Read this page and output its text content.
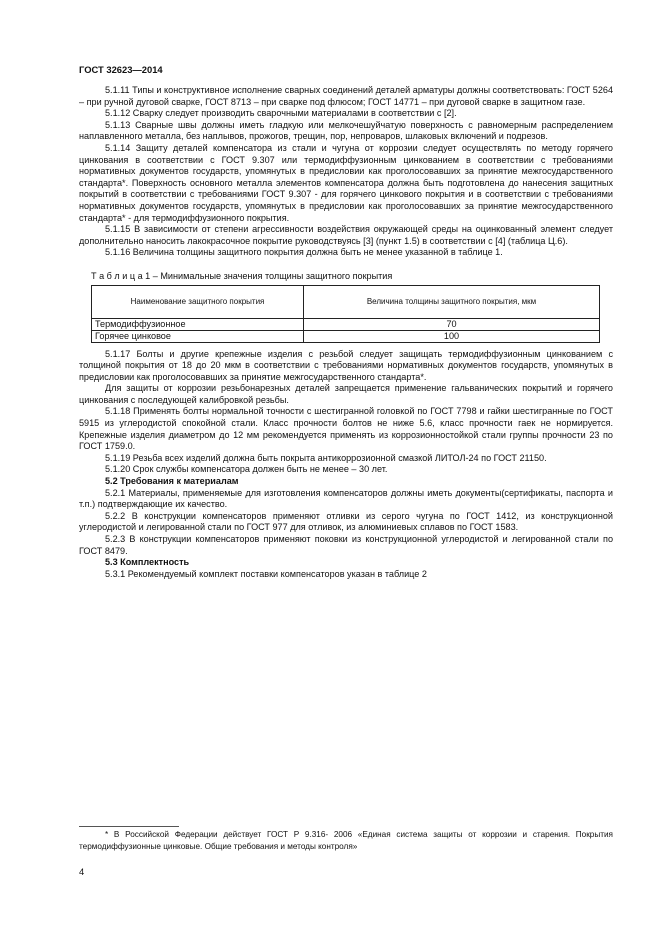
ГОСТ 32623—2014

5.1.11 Типы и конструктивное исполнение сварных соединений деталей арматуры должны соответствовать: ГОСТ 5264 – при ручной дуговой сварке, ГОСТ 8713 – при сварке под флюсом; ГОСТ 14771 – при дуговой сварке в защитном газе.

5.1.12 Сварку следует производить сварочными материалами в соответствии с [2].

5.1.13 Сварные швы должны иметь гладкую или мелкочешуйчатую поверхность с равномерным распределением наплавленного металла, без наплывов, прожогов, трещин, пор, непроваров, шлаковых включений и подрезов.

5.1.14 Защиту деталей компенсатора из стали и чугуна от коррозии следует осуществлять по методу горячего цинкования в соответствии с ГОСТ 9.307 или термодиффузионным цинкованием в соответствии с требованиями нормативных документов государств, упомянутых в предисловии как проголосовавших за принятие межгосударственного стандарта*. Поверхность основного металла элементов компенсатора должна быть подготовлена до нанесения защитных покрытий в соответствии с требованиями ГОСТ 9.307 - для горячего цинкового покрытия и в соответствии с требованиями нормативных документов государств, упомянутых в предисловии как проголосовавших за принятие межгосударственного стандарта* - для термодиффузионного покрытия.

5.1.15 В зависимости от степени агрессивности воздействия окружающей среды на оцинкованный элемент следует дополнительно наносить лакокрасочное покрытие руководствуясь [3] (пункт 1.5) в соответствии с [4] (таблица Ц.6).

5.1.16 Величина толщины защитного покрытия должна быть не менее указанной в таблице 1.

Т а б л и ц а 1 – Минимальные значения толщины защитного покрытия
Наименование защитного покрытия	Величина толщины защитного покрытия, мкм
Термодиффузионное	70
Горячее цинковое	100

5.1.17 Болты и другие крепежные изделия с резьбой следует защищать термодиффузионным цинкованием с толщиной покрытия от 18 до 20 мкм в соответствии с требованиями нормативных документов государств, упомянутых в предисловии как проголосовавших за принятие межгосударственного стандарта*.

Для защиты от коррозии резьбонарезных деталей запрещается применение гальванических покрытий и горячего цинкования с последующей калибровкой резьбы.

5.1.18 Применять болты нормальной точности с шестигранной головкой по ГОСТ 7798 и гайки шестигранные по ГОСТ 5915 из углеродистой спокойной стали. Класс прочности болтов не ниже 5.6, класс прочности гаек не нормируется. Крепежные изделия диаметром до 12 мм рекомендуется применять из коррозионностойкой стали группы прочности 23 по ГОСТ 1759.0.

5.1.19 Резьба всех изделий должна быть покрыта антикоррозионной смазкой ЛИТОЛ-24 по ГОСТ 21150.

5.1.20 Срок службы компенсатора должен быть не менее – 30 лет.

5.2 Требования к материалам

5.2.1 Материалы, применяемые для изготовления компенсаторов должны иметь документы(сертификаты, паспорта и т.п.) подтверждающие их качество.

5.2.2 В конструкции компенсаторов применяют отливки из серого чугуна по ГОСТ 1412, из конструкционной углеродистой и легированной стали по ГОСТ 977 для отливок, из алюминиевых сплавов по ГОСТ 1583.

5.2.3 В конструкции компенсаторов применяют поковки из конструкционной углеродистой и легированной стали по ГОСТ 8479.

5.3 Комплектность

5.3.1 Рекомендуемый комплект поставки компенсаторов указан в таблице 2

* В Российской Федерации действует ГОСТ Р 9.316- 2006 «Единая система защиты от коррозии и старения. Покрытия термодиффузионные цинковые. Общие требования и методы контроля»
4
